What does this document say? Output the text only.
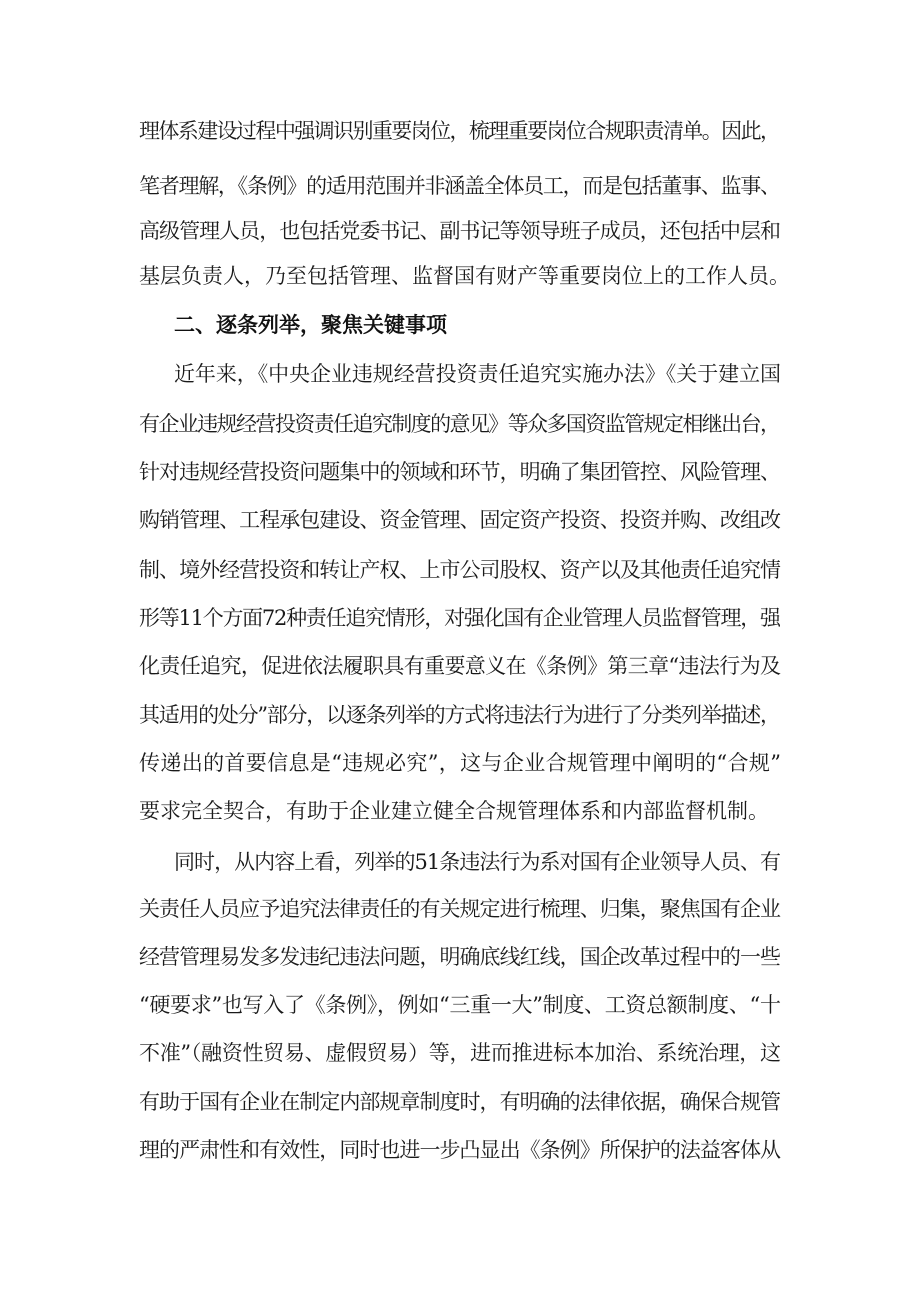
理体系建设过程中强调识别重要岗位，梳理重要岗位合规职责清单。因此，
笔者理解，《条例》的适用范围并非涵盖全体员工，而是包括董事、监事、
高级管理人员，也包括党委书记、副书记等领导班子成员，还包括中层和
基层负责人，乃至包括管理、监督国有财产等重要岗位上的工作人员。
二、逐条列举，聚焦关键事项
近年来，《中央企业违规经营投资责任追究实施办法》《关于建立国
有企业违规经营投资责任追究制度的意见》等众多国资监管规定相继出台，
针对违规经营投资问题集中的领域和环节，明确了集团管控、风险管理、
购销管理、工程承包建设、资金管理、固定资产投资、投资并购、改组改
制、境外经营投资和转让产权、上市公司股权、资产以及其他责任追究情
形等11个方面72种责任追究情形，对强化国有企业管理人员监督管理，强
化责任追究，促进依法履职具有重要意义在《条例》第三章“违法行为及
其适用的处分”部分，以逐条列举的方式将违法行为进行了分类列举描述，
传递出的首要信息是“违规必究”，这与企业合规管理中阐明的“合规”
要求完全契合，有助于企业建立健全合规管理体系和内部监督机制。
同时，从内容上看，列举的51条违法行为系对国有企业领导人员、有
关责任人员应予追究法律责任的有关规定进行梳理、归集，聚焦国有企业
经营管理易发多发违纪违法问题，明确底线红线，国企改革过程中的一些
“硬要求”也写入了《条例》，例如“三重一大”制度、工资总额制度、“十
不准”（融资性贸易、虚假贸易）等，进而推进标本加治、系统治理，这
有助于国有企业在制定内部规章制度时，有明确的法律依据，确保合规管
理的严肃性和有效性，同时也进一步凸显出《条例》所保护的法益客体从
